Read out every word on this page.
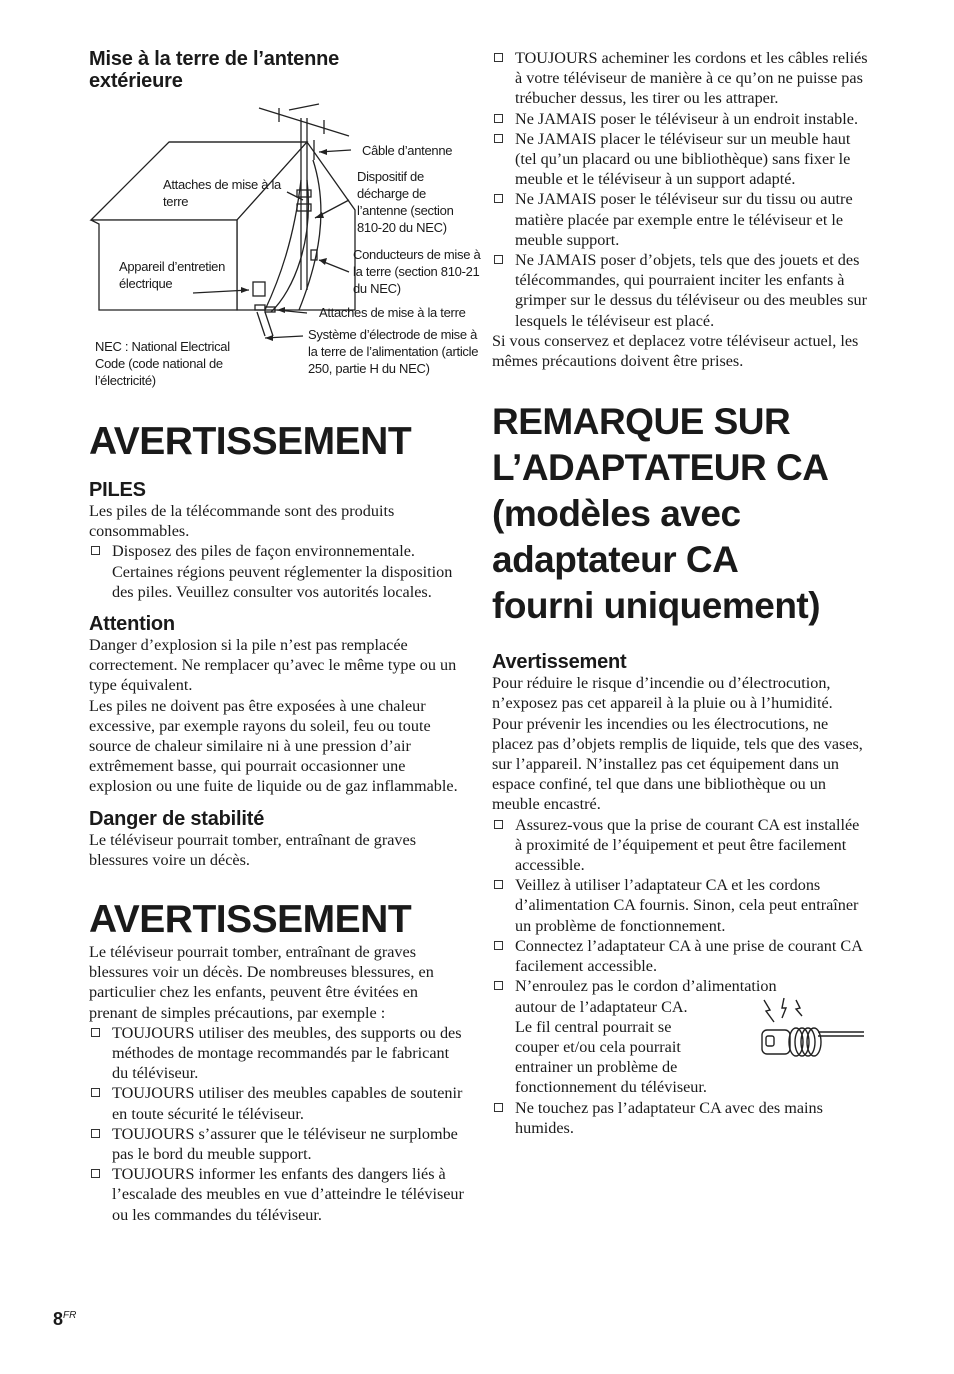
Mise à la terre de l’antenne extérieure
Câble d’antenne
Attaches de mise à la terre
Dispositif de décharge de l’antenne (section 810-20 du NEC)
Appareil d’entretien électrique
Conducteurs de mise à la terre (section 810-21 du NEC)
Attaches de mise à la terre
Système d’électrode de mise à la terre de l’alimentation (article 250, partie H du NEC)
NEC : National Electrical Code (code national de l’électricité)
AVERTISSEMENT
PILES

Les piles de la télécommande sont des produits consommables.

Disposez des piles de façon environnementale. Certaines régions peuvent réglementer la disposition des piles. Veuillez consulter vos autorités locales.
Attention

Danger d’explosion si la pile n’est pas remplacée correctement. Ne remplacer qu’avec le même type ou un type équivalent.

Les piles ne doivent pas être exposées à une chaleur excessive, par exemple rayons du soleil, feu ou toute source de chaleur similaire ni à une pression d’air extrêmement basse, qui pourrait occasionner une explosion ou une fuite de liquide ou de gaz inflammable.

Danger de stabilité

Le téléviseur pourrait tomber, entraînant de graves blessures voire un décès.

AVERTISSEMENT

Le téléviseur pourrait tomber, entraînant de graves blessures voir un décès. De nombreuses blessures, en particulier chez les enfants, peuvent être évitées en prenant de simples précautions, par exemple :

TOUJOURS utiliser des meubles, des supports ou des méthodes de montage recommandés par le fabricant du téléviseur.
TOUJOURS utiliser des meubles capables de soutenir en toute sécurité le téléviseur.
TOUJOURS s’assurer que le téléviseur ne surplombe pas le bord du meuble support.
TOUJOURS informer les enfants des dangers liés à l’escalade des meubles en vue d’atteindre le téléviseur ou les commandes du téléviseur.
TOUJOURS acheminer les cordons et les câbles reliés à votre téléviseur de manière à ce qu’on ne puisse pas trébucher dessus, les tirer ou les attraper.
Ne JAMAIS poser le téléviseur à un endroit instable.
Ne JAMAIS placer le téléviseur sur un meuble haut (tel qu’un placard ou une bibliothèque) sans fixer le meuble et le téléviseur à un support adapté.
Ne JAMAIS poser le téléviseur sur du tissu ou autre matière placée par exemple entre le téléviseur et le meuble support.
Ne JAMAIS poser d’objets, tels que des jouets et des télécommandes, qui pourraient inciter les enfants à grimper sur le dessus du téléviseur ou des meubles sur lesquels le téléviseur est placé.

Si vous conservez et deplacez votre téléviseur actuel, les mêmes précautions doivent être prises.

REMARQUE SUR
L’ADAPTATEUR CA
(modèles avec
adaptateur CA
fourni uniquement)
Avertissement

Pour réduire le risque d’incendie ou d’électrocution, n’exposez pas cet appareil à la pluie ou à l’humidité.

Pour prévenir les incendies ou les électrocutions, ne placez pas d’objets remplis de liquide, tels que des vases, sur l’appareil. N’installez pas cet équipement dans un espace confiné, tel que dans une bibliothèque ou un meuble encastré.

Assurez-vous que la prise de courant CA est installée à proximité de l’équipement et peut être facilement accessible.
Veillez à utiliser l’adaptateur CA et les cordons d’alimentation CA fournis. Sinon, cela peut entraîner un problème de fonctionnement.
Connectez l’adaptateur CA à une prise de courant CA facilement accessible.
N’enroulez pas le cordon d’alimentation
autour de l’adaptateur CA.
Le fil central pourrait se
couper et/ou cela pourrait
entrainer un problème de
fonctionnement du téléviseur.
Ne touchez pas l’adaptateur CA avec des mains humides.
$8^{FR}$
